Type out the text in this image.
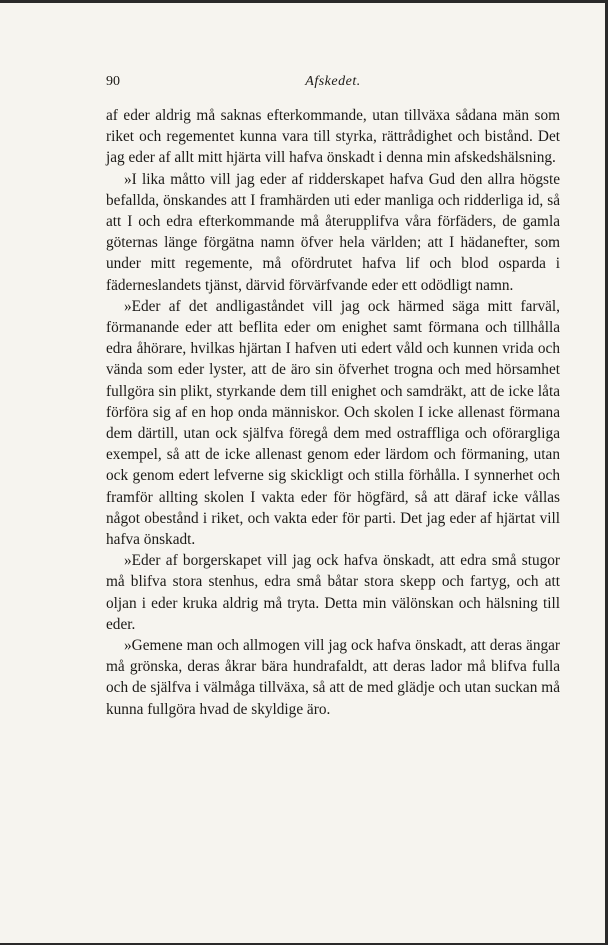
90	Afskedet.

af eder aldrig må saknas efterkommande, utan tillväxa sådana män som riket och regementet kunna vara till styrka, rättrådighet och bistånd. Det jag eder af allt mitt hjärta vill hafva önskadt i denna min afskedshälsning.

»I lika måtto vill jag eder af ridderskapet hafva Gud den allra högste befallda, önskandes att I framhärden uti eder manliga och ridderliga id, så att I och edra efterkommande må återupplifva våra förfäders, de gamla göternas länge förgätna namn öfver hela världen; att I hädanefter, som under mitt regemente, må ofördrutet hafva lif och blod osparda i fäderneslandets tjänst, därvid förvärfvande eder ett odödligt namn.

»Eder af det andligaståndet vill jag ock härmed säga mitt farväl, förmanande eder att beflita eder om enighet samt förmana och tillhålla edra åhörare, hvilkas hjärtan I hafven uti edert våld och kunnen vrida och vända som eder lyster, att de äro sin öfverhet trogna och med hörsamhet fullgöra sin plikt, styrkande dem till enighet och samdräkt, att de icke låta förföra sig af en hop onda människor. Och skolen I icke allenast förmana dem därtill, utan ock själfva föregå dem med ostraffliga och oförargliga exempel, så att de icke allenast genom eder lärdom och förmaning, utan ock genom edert lefverne sig skickligt och stilla förhålla. I synnerhet och framför allting skolen I vakta eder för högfärd, så att däraf icke vållas något obestånd i riket, och vakta eder för parti. Det jag eder af hjärtat vill hafva önskadt.

»Eder af borgerskapet vill jag ock hafva önskadt, att edra små stugor må blifva stora stenhus, edra små båtar stora skepp och fartyg, och att oljan i eder kruka aldrig må tryta. Detta min välönskan och hälsning till eder.

»Gemene man och allmogen vill jag ock hafva önskadt, att deras ängar må grönska, deras åkrar bära hundrafaldt, att deras lador må blifva fulla och de själfva i välmåga tillväxa, så att de med glädje och utan suckan må kunna fullgöra hvad de skyldige äro.
